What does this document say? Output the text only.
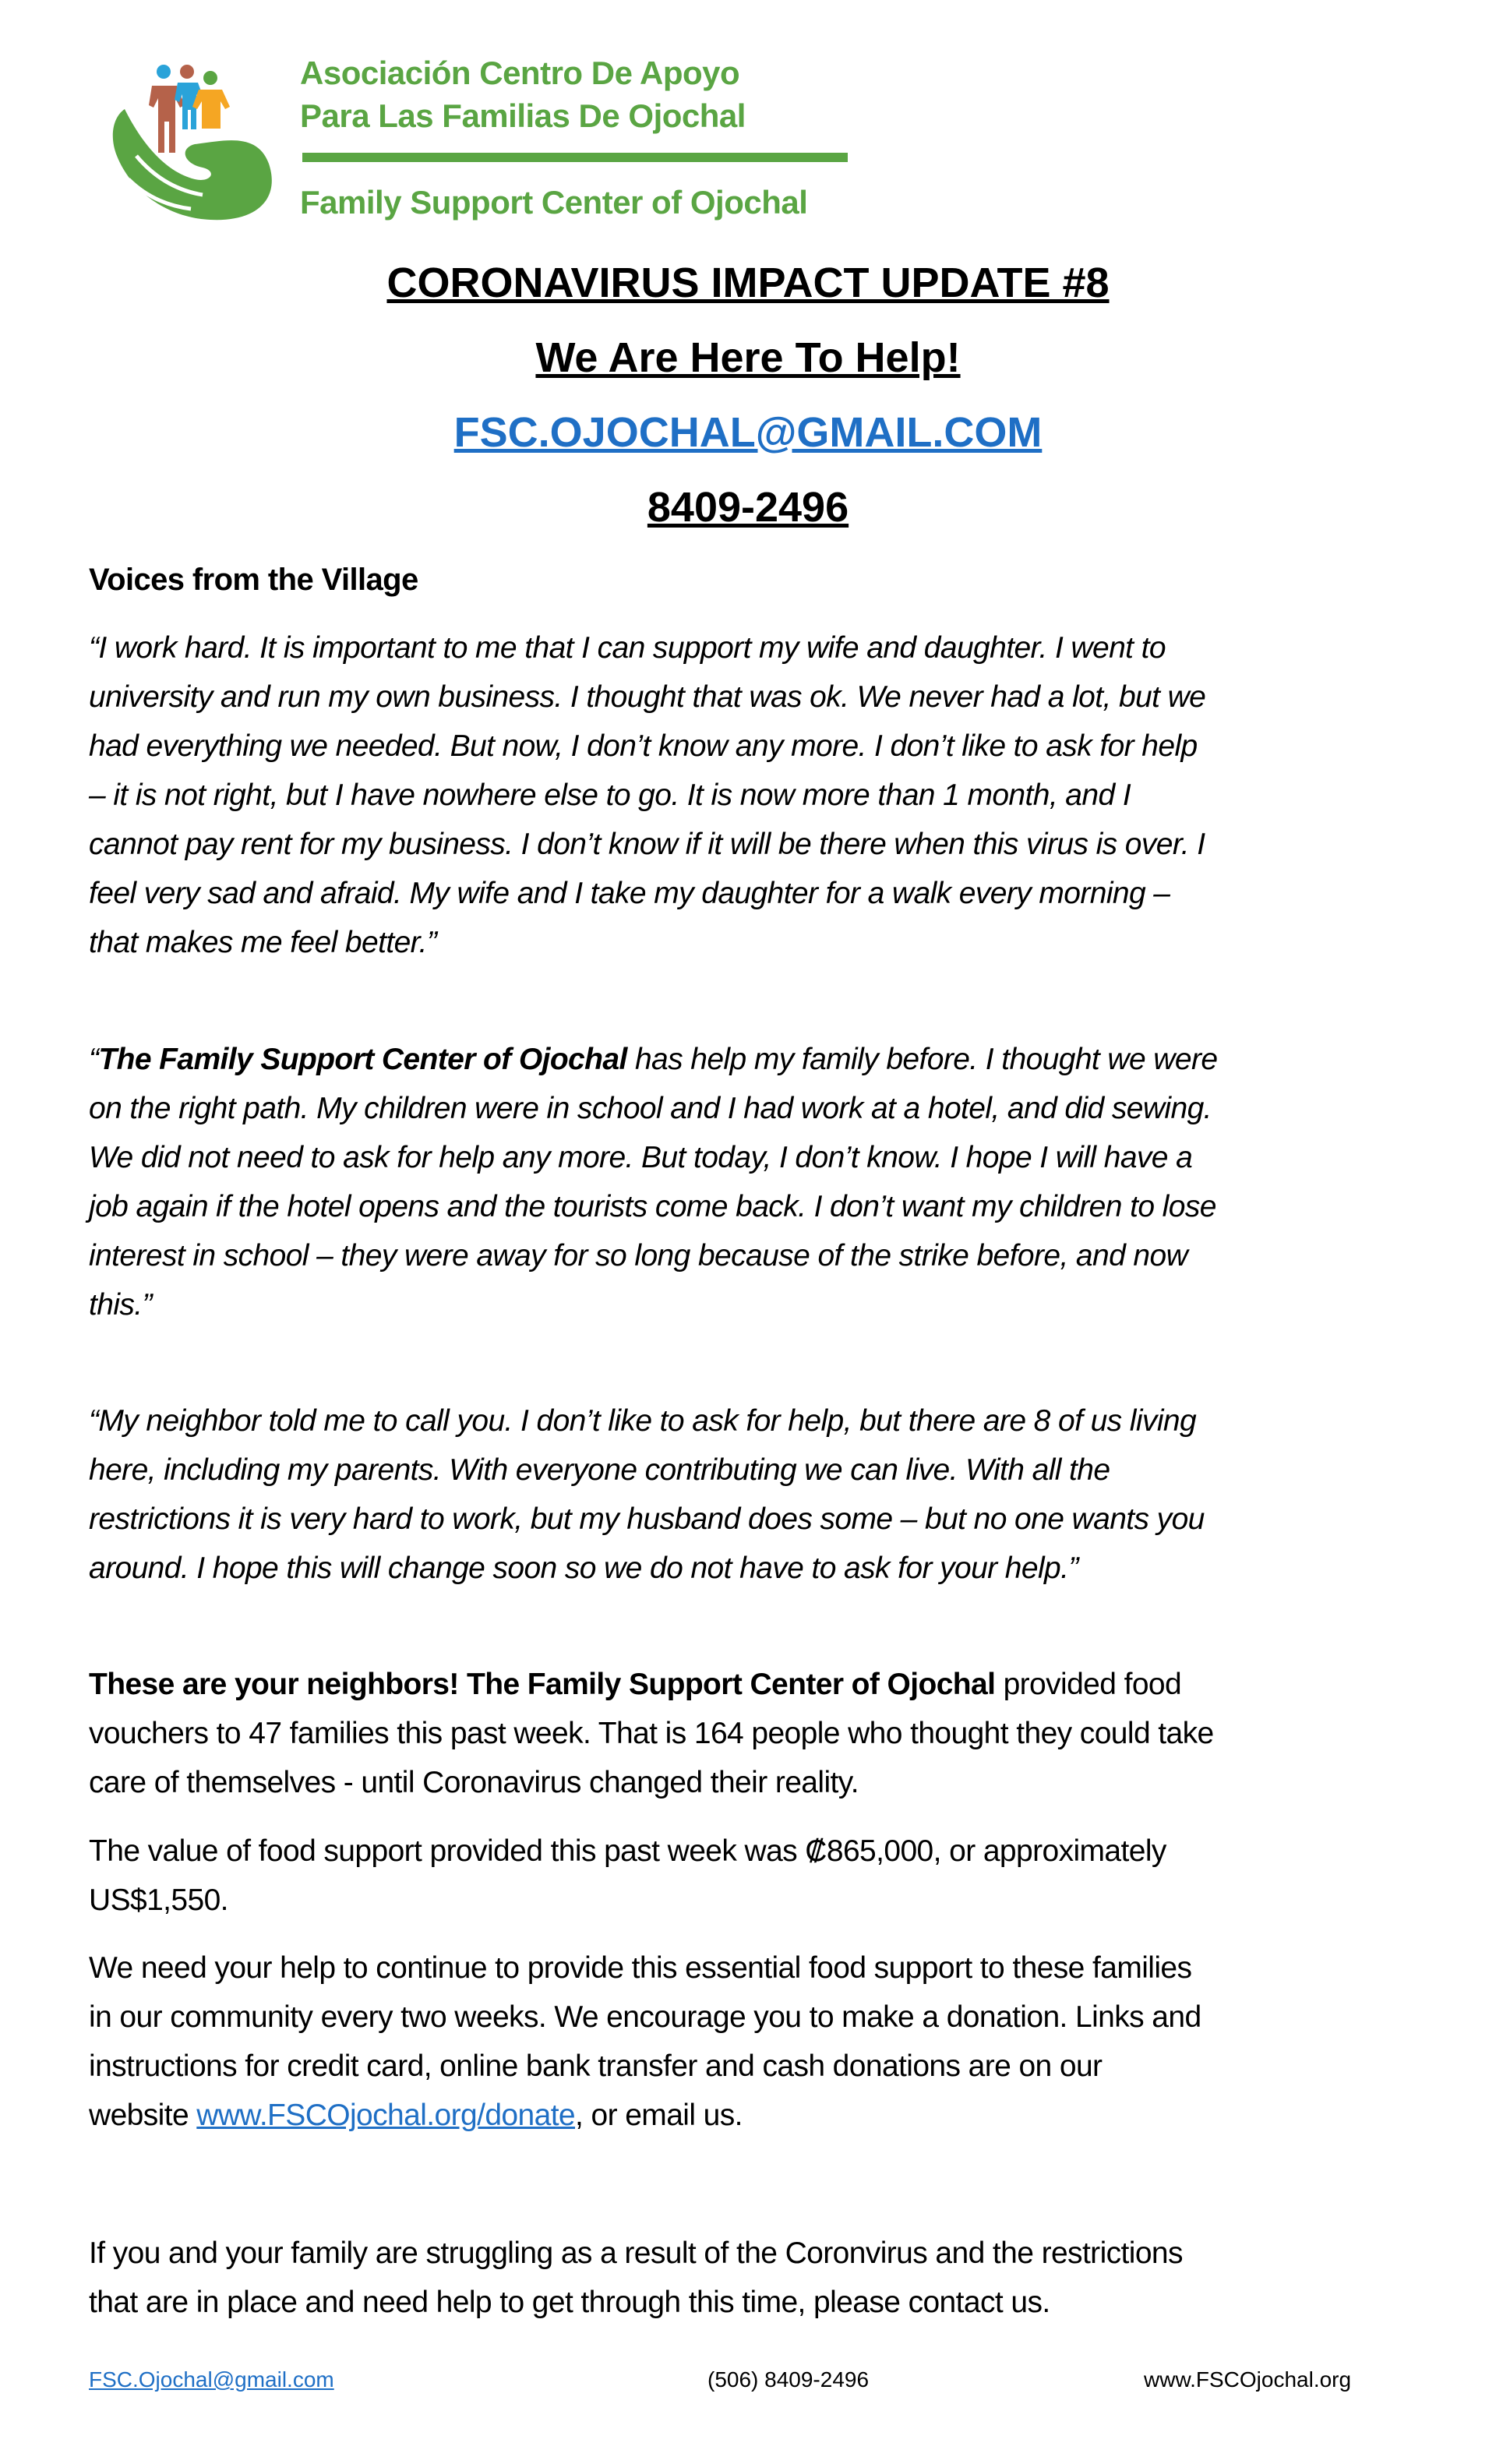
Asociación Centro De Apoyo
Para Las Familias De Ojochal
Family Support Center of Ojochal
CORONAVIRUS IMPACT UPDATE #8
We Are Here To Help!
FSC.OJOCHAL@GMAIL.COM
8409-2496
Voices from the Village
“I work hard. It is important to me that I can support my wife and daughter. I went to
university and run my own business. I thought that was ok. We never had a lot, but we
had everything we needed. But now, I don’t know any more. I don’t like to ask for help
– it is not right, but I have nowhere else to go. It is now more than 1 month, and I
cannot pay rent for my business. I don’t know if it will be there when this virus is over. I
feel very sad and afraid. My wife and I take my daughter for a walk every morning –
that makes me feel better.”
“The Family Support Center of Ojochal has help my family before. I thought we were
on the right path. My children were in school and I had work at a hotel, and did sewing.
We did not need to ask for help any more. But today, I don’t know. I hope I will have a
job again if the hotel opens and the tourists come back. I don’t want my children to lose
interest in school – they were away for so long because of the strike before, and now
this.”
“My neighbor told me to call you. I don’t like to ask for help, but there are 8 of us living
here, including my parents. With everyone contributing we can live. With all the
restrictions it is very hard to work, but my husband does some – but no one wants you
around. I hope this will change soon so we do not have to ask for your help.”
These are your neighbors! The Family Support Center of Ojochal provided food
vouchers to 47 families this past week. That is 164 people who thought they could take
care of themselves - until Coronavirus changed their reality.
The value of food support provided this past week was ₡865,000, or approximately
US$1,550.
We need your help to continue to provide this essential food support to these families
in our community every two weeks. We encourage you to make a donation. Links and
instructions for credit card, online bank transfer and cash donations are on our
website www.FSCOjochal.org/donate, or email us.
If you and your family are struggling as a result of the Coronvirus and the restrictions
that are in place and need help to get through this time, please contact us.
FSC.Ojochal@gmail.com	(506) 8409-2496	www.FSCOjochal.org
